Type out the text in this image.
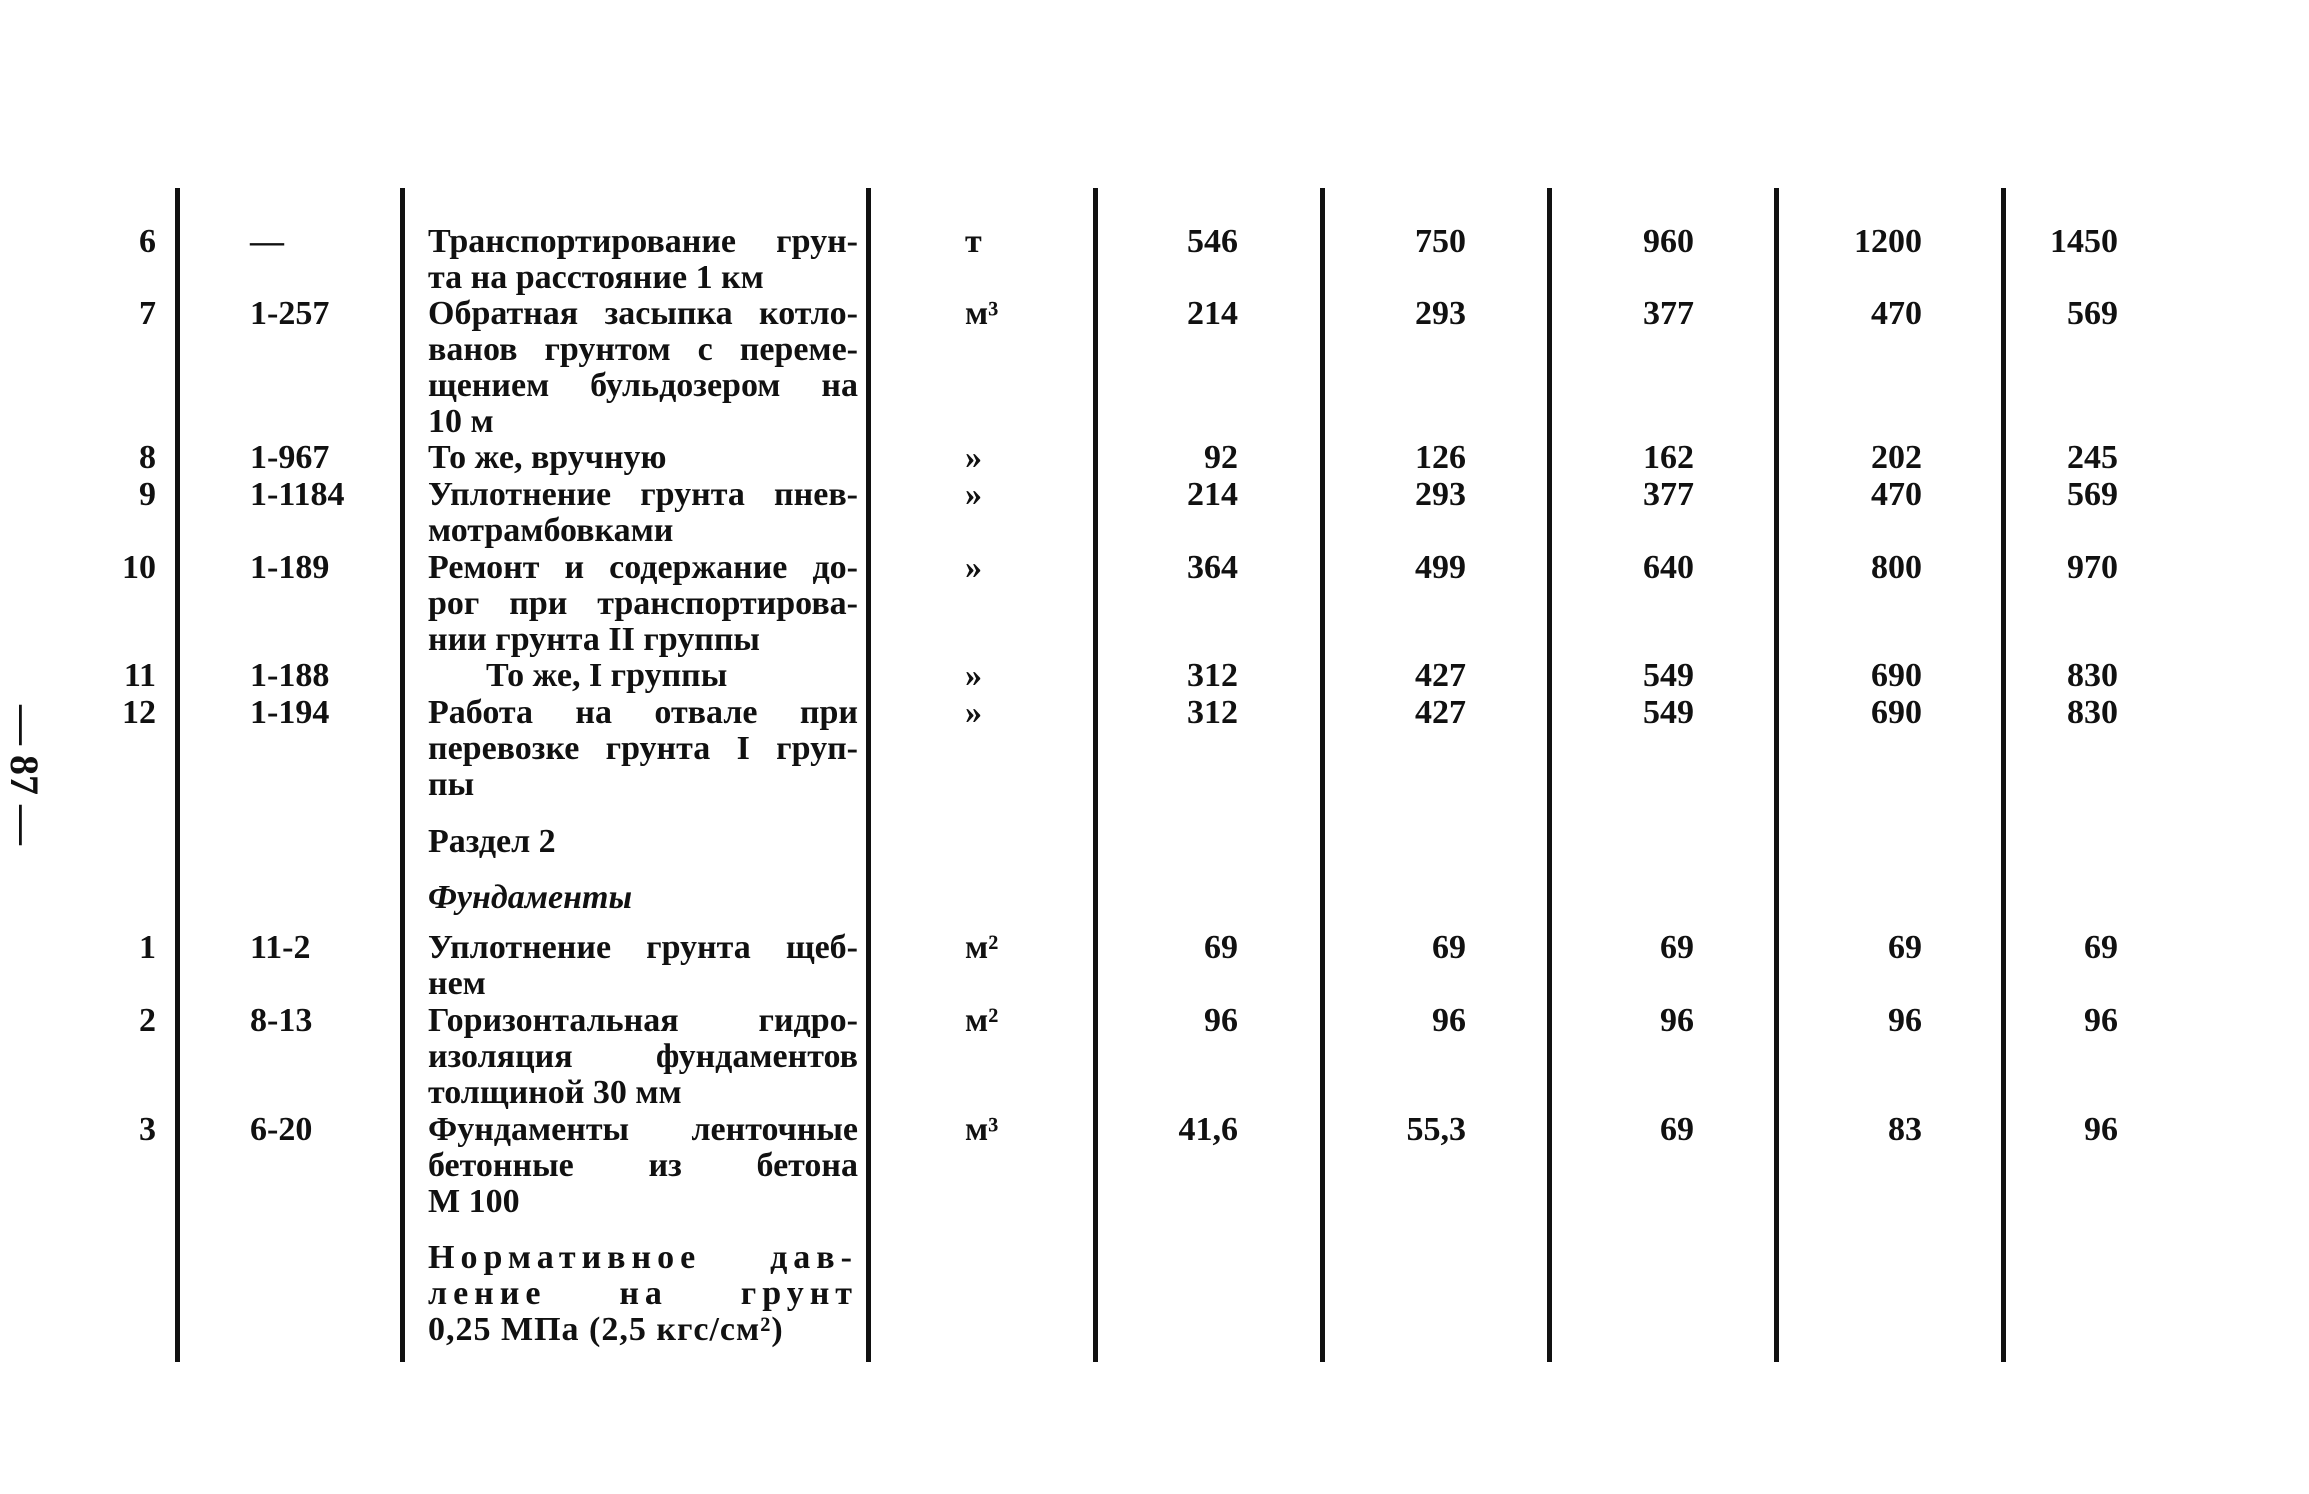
— 87 —
6	—	Транспортирование грун-
та на расстояние 1 км
т	546	750	960	1200	1450
7	1-257	Обратная засыпка котло-
ванов грунтом с переме-
щением бульдозером на
10 м
м³	214	293	377	470	569
8	1-967	То же, вручную	»	92	126	162	202	245
9	1-1184 Уплотнение грунта пнев-
мотрамбовками
»	214	293	377	470	569
10	1-189	Ремонт и содержание до-
рог при транспортирова-
нии грунта II группы
»	364	499	640	800	970
11	1-188	То же, I группы	»	312	427	549	690	830
12	1-194	Работа на отвале при
перевозке грунта I груп-
пы
»	312	427	549	690	830
1	11-2	Уплотнение грунта щеб-
нем
м²	69	69	69	69	69
2	8-13	Горизонтальная гидро-
изоляция фундаментов
толщиной 30 мм
м²	96	96	96	96	96
3	6-20	Фундаменты ленточные
бетонные из бетона
М 100
м³	41,6	55,3	69	83	96
Раздел 2
Фундаменты
Нормативное дав-
ление на грунт
0,25 МПа (2,5 кгс/см²)
